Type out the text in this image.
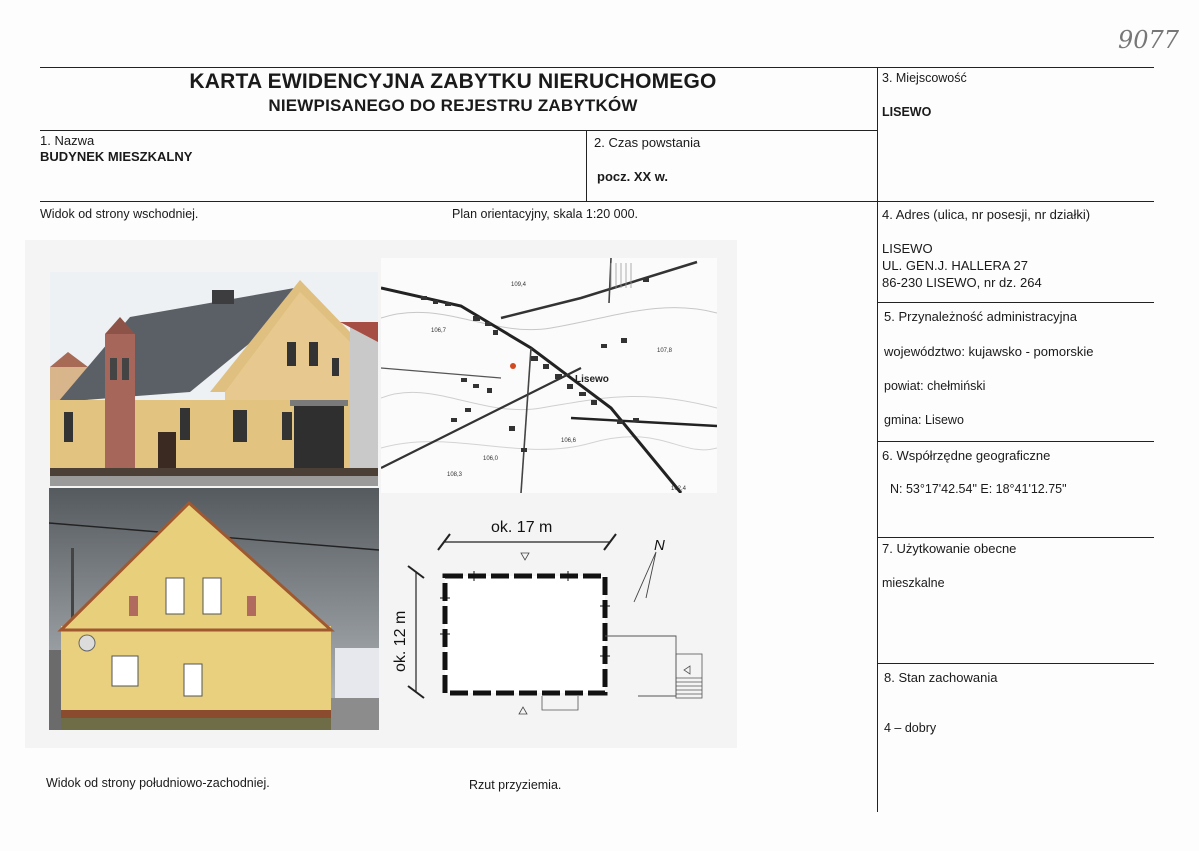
9077
KARTA EWIDENCYJNA ZABYTKU NIERUCHOMEGO
NIEWPISANEGO DO REJESTRU ZABYTKÓW
1. Nazwa
BUDYNEK MIESZKALNY
2. Czas powstania
pocz. XX w.
3. Miejscowość
LISEWO
4. Adres (ulica, nr posesji, nr działki)
LISEWO
UL. GEN.J. HALLERA 27
86-230 LISEWO, nr dz. 264
5. Przynależność administracyjna
województwo: kujawsko - pomorskie
powiat: chełmiński
gmina: Lisewo
6. Współrzędne geograficzne
N: 53°17'42.54" E: 18°41'12.75"
7. Użytkowanie obecne
mieszkalne
8. Stan zachowania
4 – dobry
Widok od strony wschodniej.	Plan orientacyjny, skala 1:20 000.
Widok od strony południowo-zachodniej.	Rzut przyziemia.
Lisewo
109,4
107,8
106,7
106,6
106,0
102,4
108,3
ok. 17 m
ok. 12 m
N
